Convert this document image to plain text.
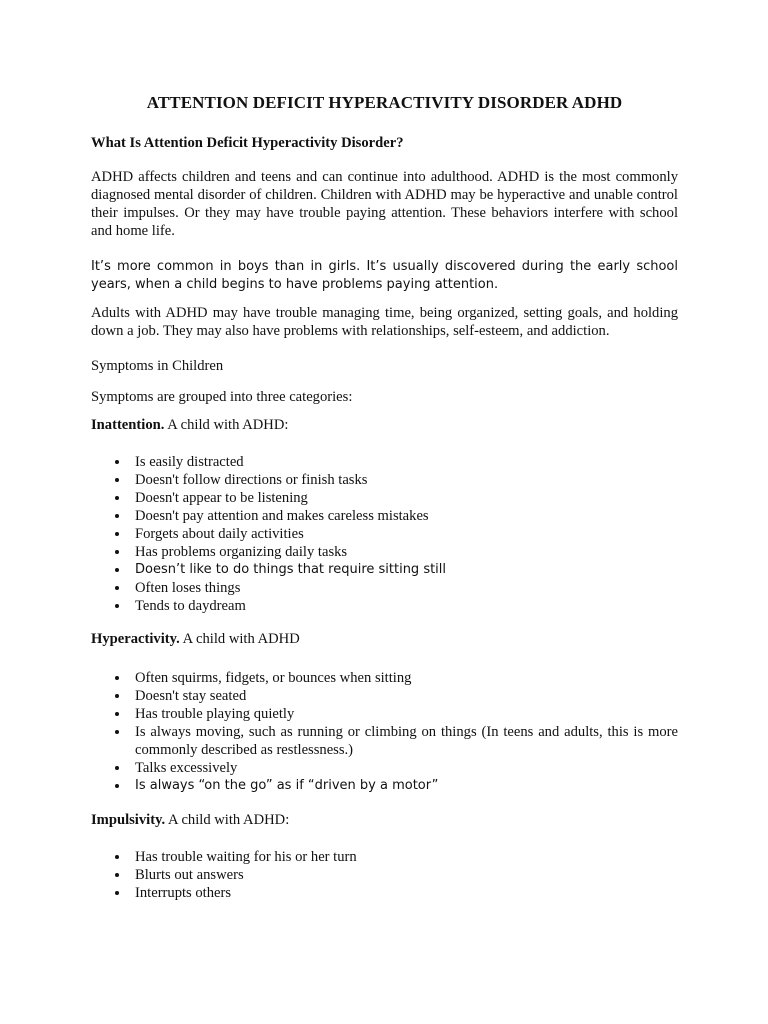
ATTENTION DEFICIT HYPERACTIVITY DISORDER ADHD
What Is Attention Deficit Hyperactivity Disorder?

ADHD affects children and teens and can continue into adulthood. ADHD is the most commonly diagnosed mental disorder of children. Children with ADHD may be hyperactive and unable control their impulses. Or they may have trouble paying attention. These behaviors interfere with school and home life.

It’s more common in boys than in girls. It’s usually discovered during the early school years, when a child begins to have problems paying attention.

Adults with ADHD may have trouble managing time, being organized, setting goals, and holding down a job. They may also have problems with relationships, self-esteem, and addiction.

Symptoms in Children

Symptoms are grouped into three categories:

Inattention. A child with ADHD:

Is easily distracted
Doesn't follow directions or finish tasks
Doesn't appear to be listening
Doesn't pay attention and makes careless mistakes
Forgets about daily activities
Has problems organizing daily tasks
Doesn’t like to do things that require sitting still
Often loses things
Tends to daydream

Hyperactivity. A child with ADHD

Often squirms, fidgets, or bounces when sitting
Doesn't stay seated
Has trouble playing quietly
Is always moving, such as running or climbing on things (In teens and adults, this is more commonly described as restlessness.)
Talks excessively
Is always “on the go” as if “driven by a motor”

Impulsivity. A child with ADHD:

Has trouble waiting for his or her turn
Blurts out answers
Interrupts others
